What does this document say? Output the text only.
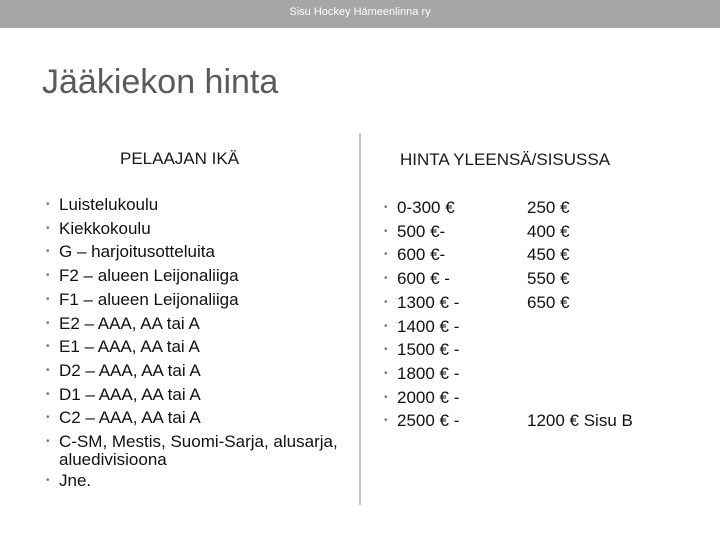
Sisu Hockey Hämeenlinna ry
Jääkiekon hinta
PELAAJAN IKÄ	HINTA YLEENSÄ/SISUSSA
• Luistelukoulu
• Kiekkokoulu
• G – harjoitusotteluita
• F2 – alueen Leijonaliiga
• F1 – alueen Leijonaliiga
• E2 – AAA, AA tai A
• E1 – AAA, AA tai A
• D2 – AAA, AA tai A
• D1 – AAA, AA tai A
• C2 – AAA, AA tai A
• C-SM, Mestis, Suomi-Sarja, alusarja, aluedivisioona
• Jne.
• 0-300 €
• 500 €-
• 600 €-
• 600 € -
• 1300 € -
• 1400 € -
• 1500 € -
• 1800 € -
• 2000 € -
• 2500 € -
250 €
400 €
450 €
550 €
650 €
1200 € Sisu B
